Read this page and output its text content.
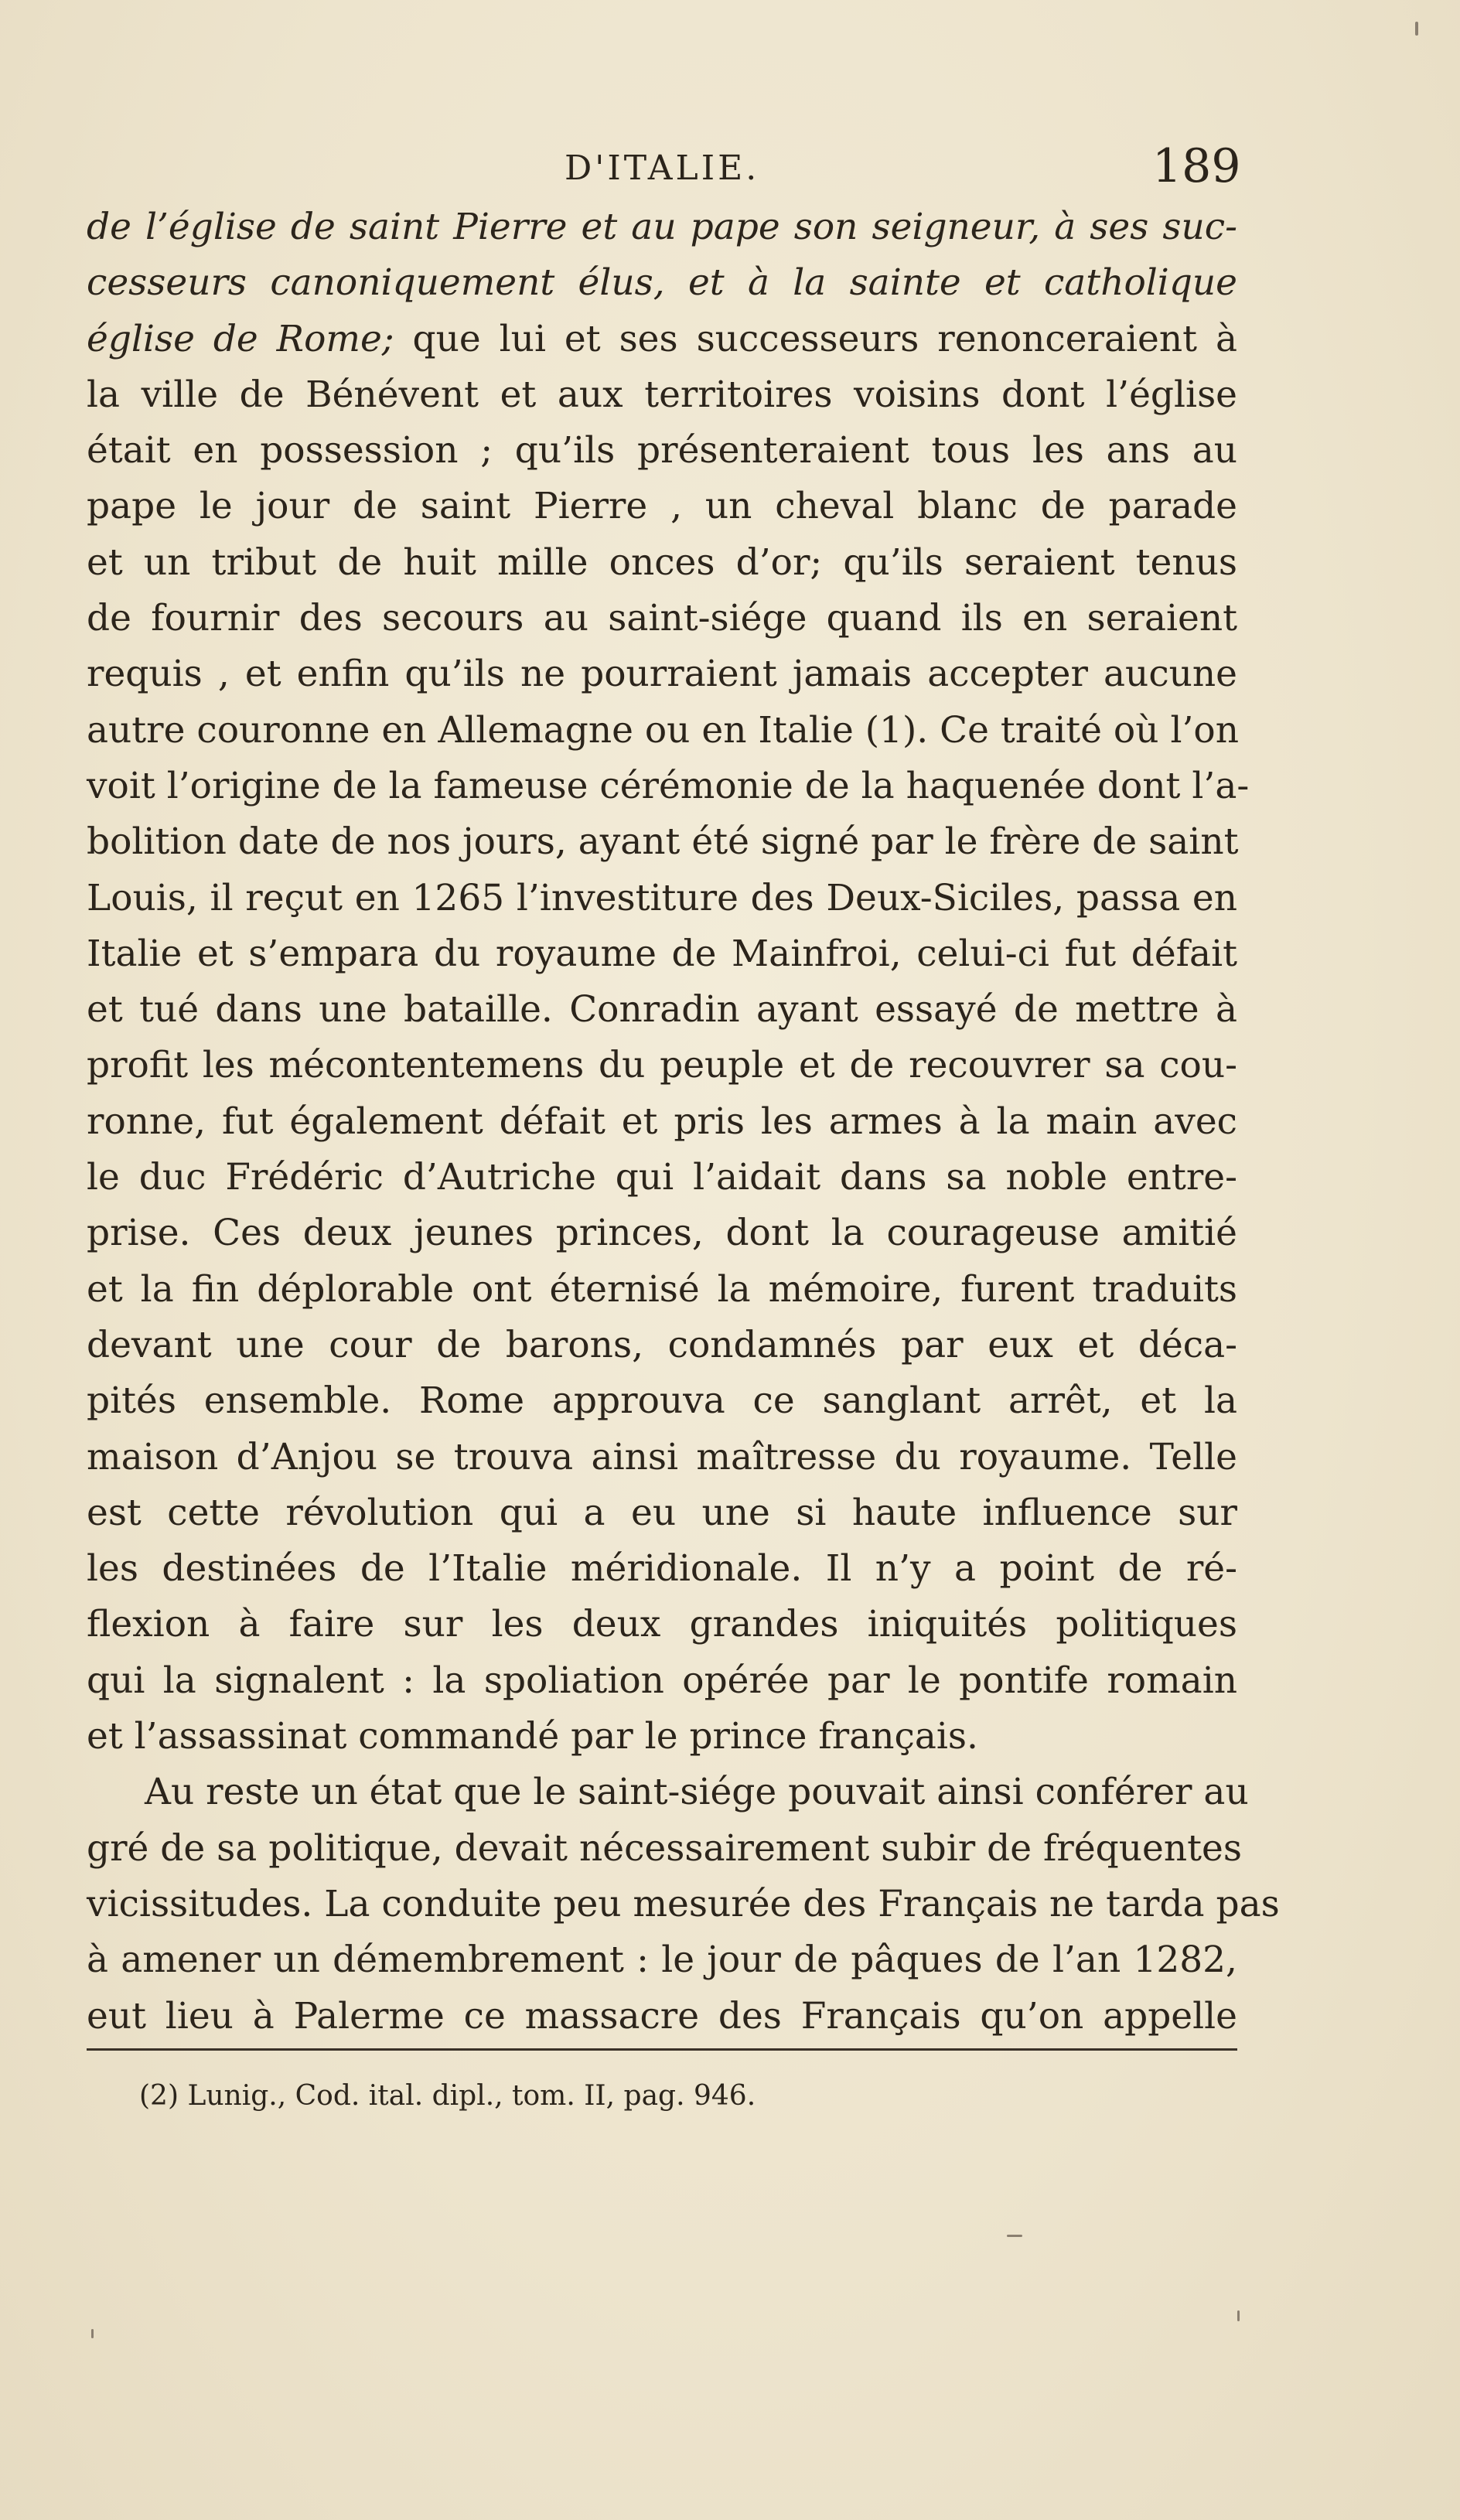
D'ITALIE.	189
de l’église de saint Pierre et au pape son seigneur, à ses suc-
cesseurs canoniquement élus, et à la sainte et catholique
église de Rome; que lui et ses successeurs renonceraient à
la ville de Bénévent et aux territoires voisins dont l’église
était en possession ; qu’ils présenteraient tous les ans au
pape le jour de saint Pierre , un cheval blanc de parade
et un tribut de huit mille onces d’or; qu’ils seraient tenus
de fournir des secours au saint-siége quand ils en seraient
requis , et enfin qu’ils ne pourraient jamais accepter aucune
autre couronne en Allemagne ou en Italie (1). Ce traité où l’on
voit l’origine de la fameuse cérémonie de la haquenée dont l’a-
bolition date de nos jours, ayant été signé par le frère de saint
Louis, il reçut en 1265 l’investiture des Deux-Siciles, passa en
Italie et s’empara du royaume de Mainfroi, celui-ci fut défait
et tué dans une bataille. Conradin ayant essayé de mettre à
profit les mécontentemens du peuple et de recouvrer sa cou-
ronne, fut également défait et pris les armes à la main avec
le duc Frédéric d’Autriche qui l’aidait dans sa noble entre-
prise. Ces deux jeunes princes, dont la courageuse amitié
et la fin déplorable ont éternisé la mémoire, furent traduits
devant une cour de barons, condamnés par eux et déca-
pités ensemble. Rome approuva ce sanglant arrêt, et la
maison d’Anjou se trouva ainsi maîtresse du royaume. Telle
est cette révolution qui a eu une si haute influence sur
les destinées de l’Italie méridionale. Il n’y a point de ré-
flexion à faire sur les deux grandes iniquités politiques
qui la signalent : la spoliation opérée par le pontife romain
et l’assassinat commandé par le prince français.
Au reste un état que le saint-siége pouvait ainsi conférer au
gré de sa politique, devait nécessairement subir de fréquentes
vicissitudes. La conduite peu mesurée des Français ne tarda pas
à amener un démembrement : le jour de pâques de l’an 1282,
eut lieu à Palerme ce massacre des Français qu’on appelle
(2) Lunig., Cod. ital. dipl., tom. II, pag. 946.
